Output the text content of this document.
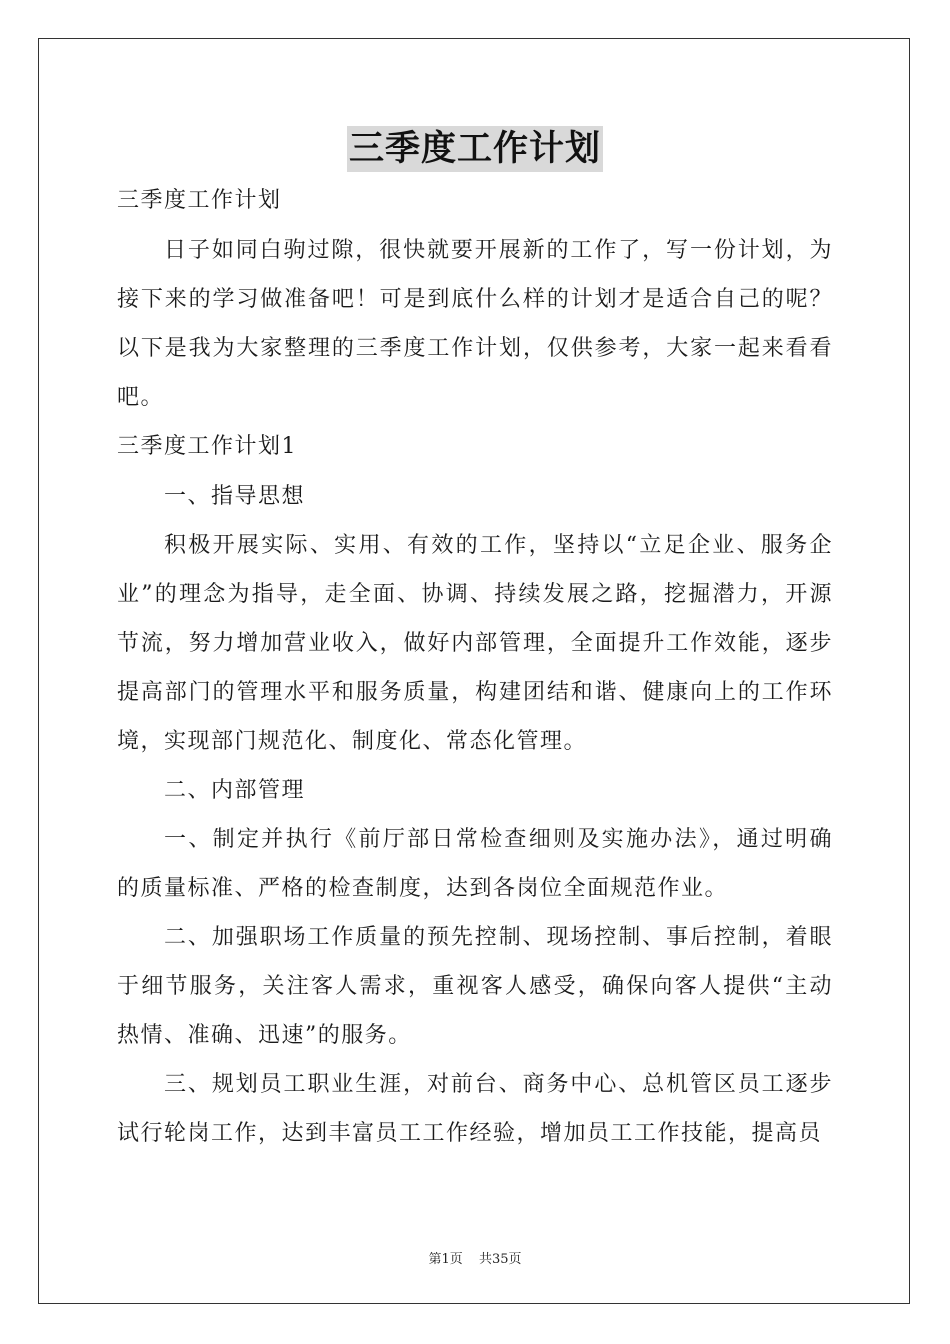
三季度工作计划

三季度工作计划

日子如同白驹过隙，很快就要开展新的工作了，写一份计划，为接下来的学习做准备吧！可是到底什么样的计划才是适合自己的呢？以下是我为大家整理的三季度工作计划，仅供参考，大家一起来看看吧。

三季度工作计划1

一、指导思想

积极开展实际、实用、有效的工作，坚持以“立足企业、服务企业”的理念为指导，走全面、协调、持续发展之路，挖掘潜力，开源节流，努力增加营业收入，做好内部管理，全面提升工作效能，逐步提高部门的管理水平和服务质量，构建团结和谐、健康向上的工作环境，实现部门规范化、制度化、常态化管理。

二、内部管理

一、制定并执行《前厅部日常检查细则及实施办法》，通过明确的质量标准、严格的检查制度，达到各岗位全面规范作业。

二、加强职场工作质量的预先控制、现场控制、事后控制，着眼于细节服务，关注客人需求，重视客人感受，确保向客人提供“主动热情、准确、迅速”的服务。

三、规划员工职业生涯，对前台、商务中心、总机管区员工逐步试行轮岗工作，达到丰富员工工作经验，增加员工工作技能，提高员

第1页 共35页
